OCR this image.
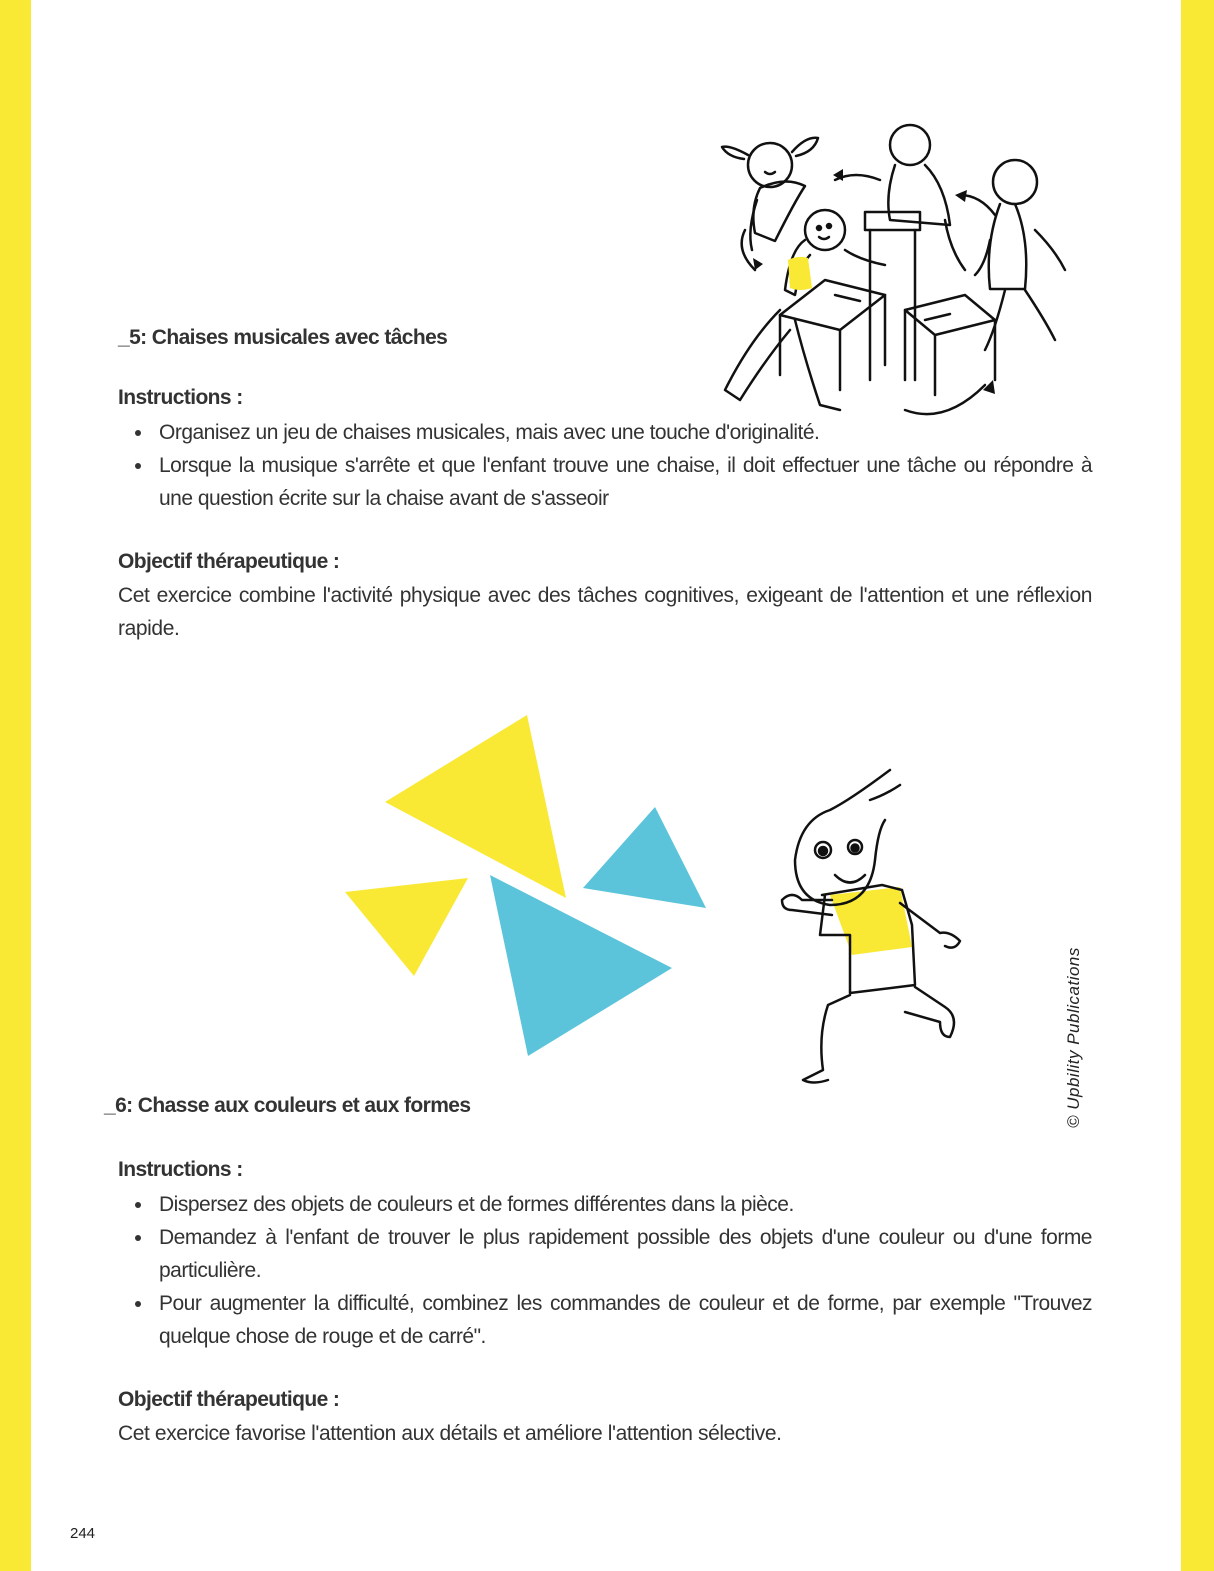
_5: Chaises musicales avec tâches

Instructions :

Organisez un jeu de chaises musicales, mais avec une touche d'originalité.
Lorsque la musique s'arrête et que l'enfant trouve une chaise, il doit effectuer une tâche ou répondre à une question écrite sur la chaise avant de s'asseoir

Objectif thérapeutique :

Cet exercice combine l'activité physique avec des tâches cognitives, exigeant de l'attention et une réflexion rapide.

_6: Chasse aux couleurs et aux formes

Instructions :

Dispersez des objets de couleurs et de formes différentes dans la pièce.
Demandez à l'enfant de trouver le plus rapidement possible des objets d'une couleur ou d'une forme particulière.
Pour augmenter la difficulté, combinez les commandes de couleur et de forme, par exemple "Trouvez quelque chose de rouge et de carré".

Objectif thérapeutique :

Cet exercice favorise l'attention aux détails et améliore l'attention sélective.

© Upbility Publications
244
